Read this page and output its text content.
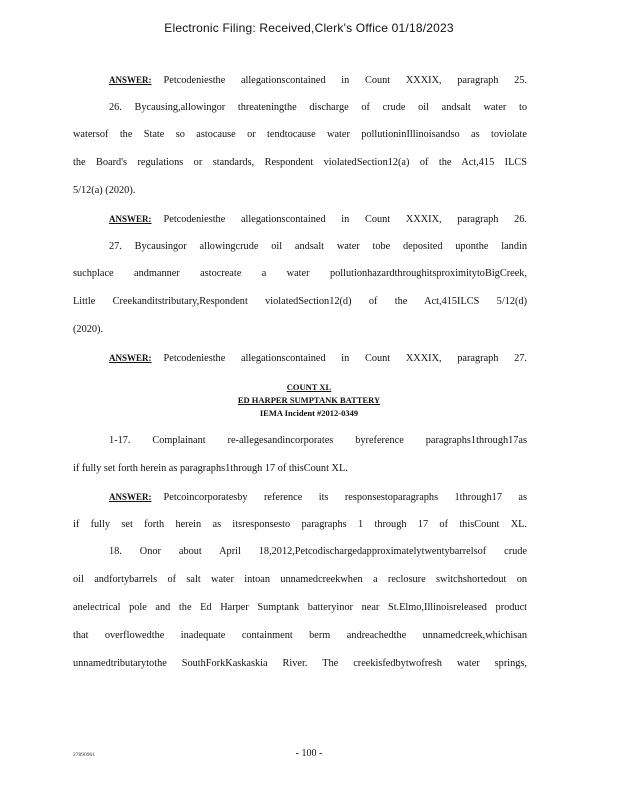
Electronic Filing: Received,Clerk's Office 01/18/2023
ANSWER: Petcodeniesthe allegationscontained in Count XXXIX, paragraph 25.
26. Bycausing,allowingor threateningthe discharge of crude oil andsalt water to
watersof the State so astocause or tendtocause water pollutioninIllinoisandso as toviolate
the Board's regulations or standards, Respondent violatedSection12(a) of the Act,415 ILCS
5/12(a) (2020).
ANSWER: Petcodeniesthe allegationscontained in Count XXXIX, paragraph 26.
27. Bycausingor allowingcrude oil andsalt water tobe deposited uponthe landin
suchplace andmanner astocreate a water pollutionhazardthroughitsproximitytoBigCreek,
Little Creekanditstributary,Respondent violatedSection12(d) of the Act,415ILCS 5/12(d)
(2020).
ANSWER: Petcodeniesthe allegationscontained in Count XXXIX, paragraph 27.
COUNT XL
ED HARPER SUMPTANK BATTERY
IEMA Incident #2012-0349
1-17. Complainant re-allegesandincorporates byreference paragraphs1through17as
if fully set forth herein as paragraphs1through 17 of thisCount XL.
ANSWER: Petcoincorporatesby reference its responsestoparagraphs 1through17 as
if fully set forth herein as itsresponsesto paragraphs 1 through 17 of thisCount XL.
18. Onor about April 18,2012,Petcodischargedapproximatelytwentybarrelsof crude
oil andfortybarrels of salt water intoan unnamedcreekwhen a reclosure switchshortedout on
anelectrical pole and the Ed Harper Sumptank batteryinor near St.Elmo,Illinoisreleased product
that overflowedthe inadequate containment berm andreachedthe unnamedcreek,whichisan
unnamedtributarytothe SouthForkKaskaskia River. The creekisfedbytwofresh water springs,
27890961	- 100 -
